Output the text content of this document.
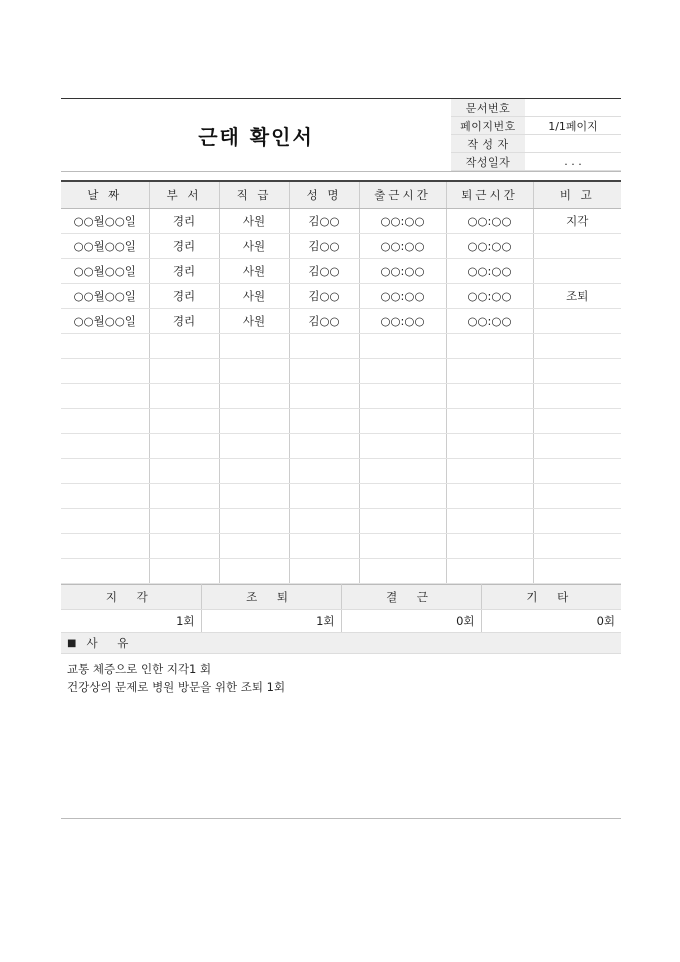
근태 확인서
문서번호	
페이지번호	1/1페이지
작 성 자	
작성일자	. . .
날 짜	부 서	직 급	성 명	출근시간	퇴근시간	비 고
○○월○○일	경리	사원	김○○	○○:○○	○○:○○	지각
○○월○○일	경리	사원	김○○	○○:○○	○○:○○	
○○월○○일	경리	사원	김○○	○○:○○	○○:○○	
○○월○○일	경리	사원	김○○	○○:○○	○○:○○	조퇴
○○월○○일	경리	사원	김○○	○○:○○	○○:○○	

지 각	조 퇴	결 근	기 타
1회	1회	0회	0회
■ 사 유
교통 체증으로 인한 지각1 회
건강상의 문제로 병원 방문을 위한 조퇴 1회
